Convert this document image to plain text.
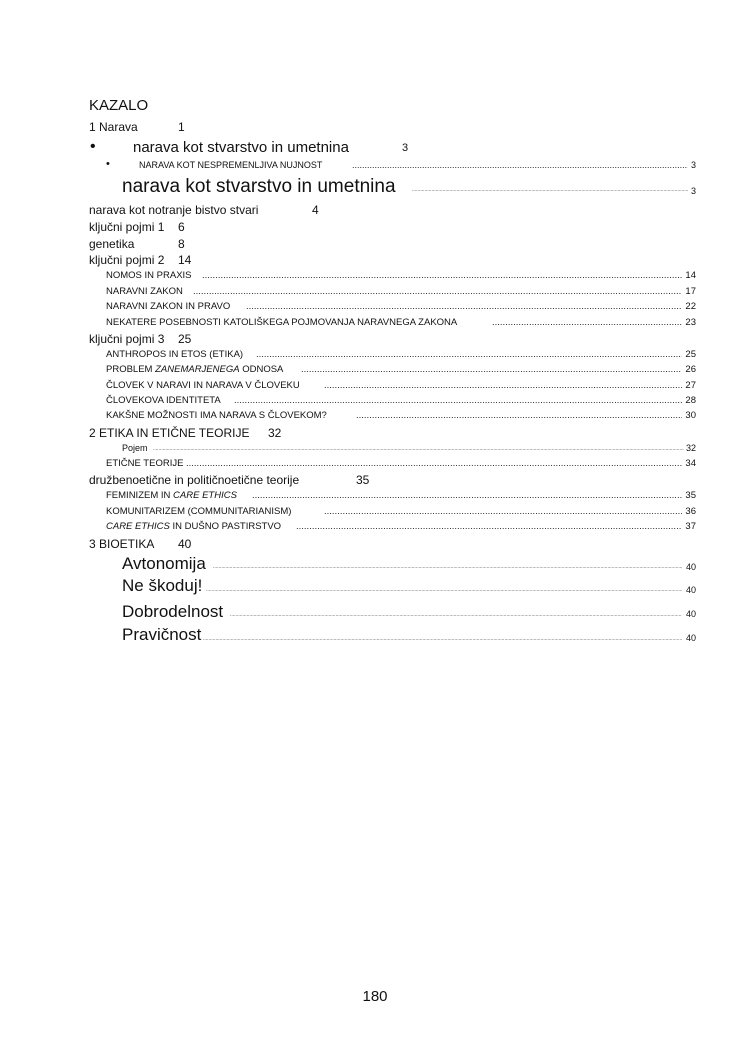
KAZALO
1 Narava	1
• narava kot stvarstvo in umetnina	3
•	NARAVA KOT NESPREMENLJIVA NUJNOST .....	3
narava kot stvarstvo in umetnina .....	3
narava kot notranje bistvo stvari	4
ključni pojmi 1 6
genetika	8
ključni pojmi 2 14
NOMOS IN PRAXIS .....	14
NARAVNI ZAKON .....	17
NARAVNI ZAKON IN PRAVO .....	22
NEKATERE POSEBNOSTI KATOLIŠKEGA POJMOVANJA NARAVNEGA ZAKONA .....	23
ključni pojmi 3 25
ANTHROPOS IN ETOS (ETIKA) .....	25
PROBLEM ZANEMARJENEGA ODNOSA .....	26
ČLOVEK V NARAVI IN NARAVA V ČLOVEKU .....	27
ČLOVEKOVA IDENTITETA .....	28
KAKŠNE MOŽNOSTI IMA NARAVA S ČLOVEKOM? .....	30
2 ETIKA IN ETIČNE TEORIJE 32
Pojem .....	32
ETIČNE TEORIJE .....	34
družbenoetične in političnoetične teorije	35
FEMINIZEM IN CARE ETHICS .....	35
KOMUNITARIZEM (COMMUNITARIANISM) .....	36
CARE ETHICS IN DUŠNO PASTIRSTVO .....	37
3 BIOETIKA 40
Avtonomija .....	40
Ne škoduj! .....	40
Dobrodelnost .....	40
Pravičnost .....	40
180
